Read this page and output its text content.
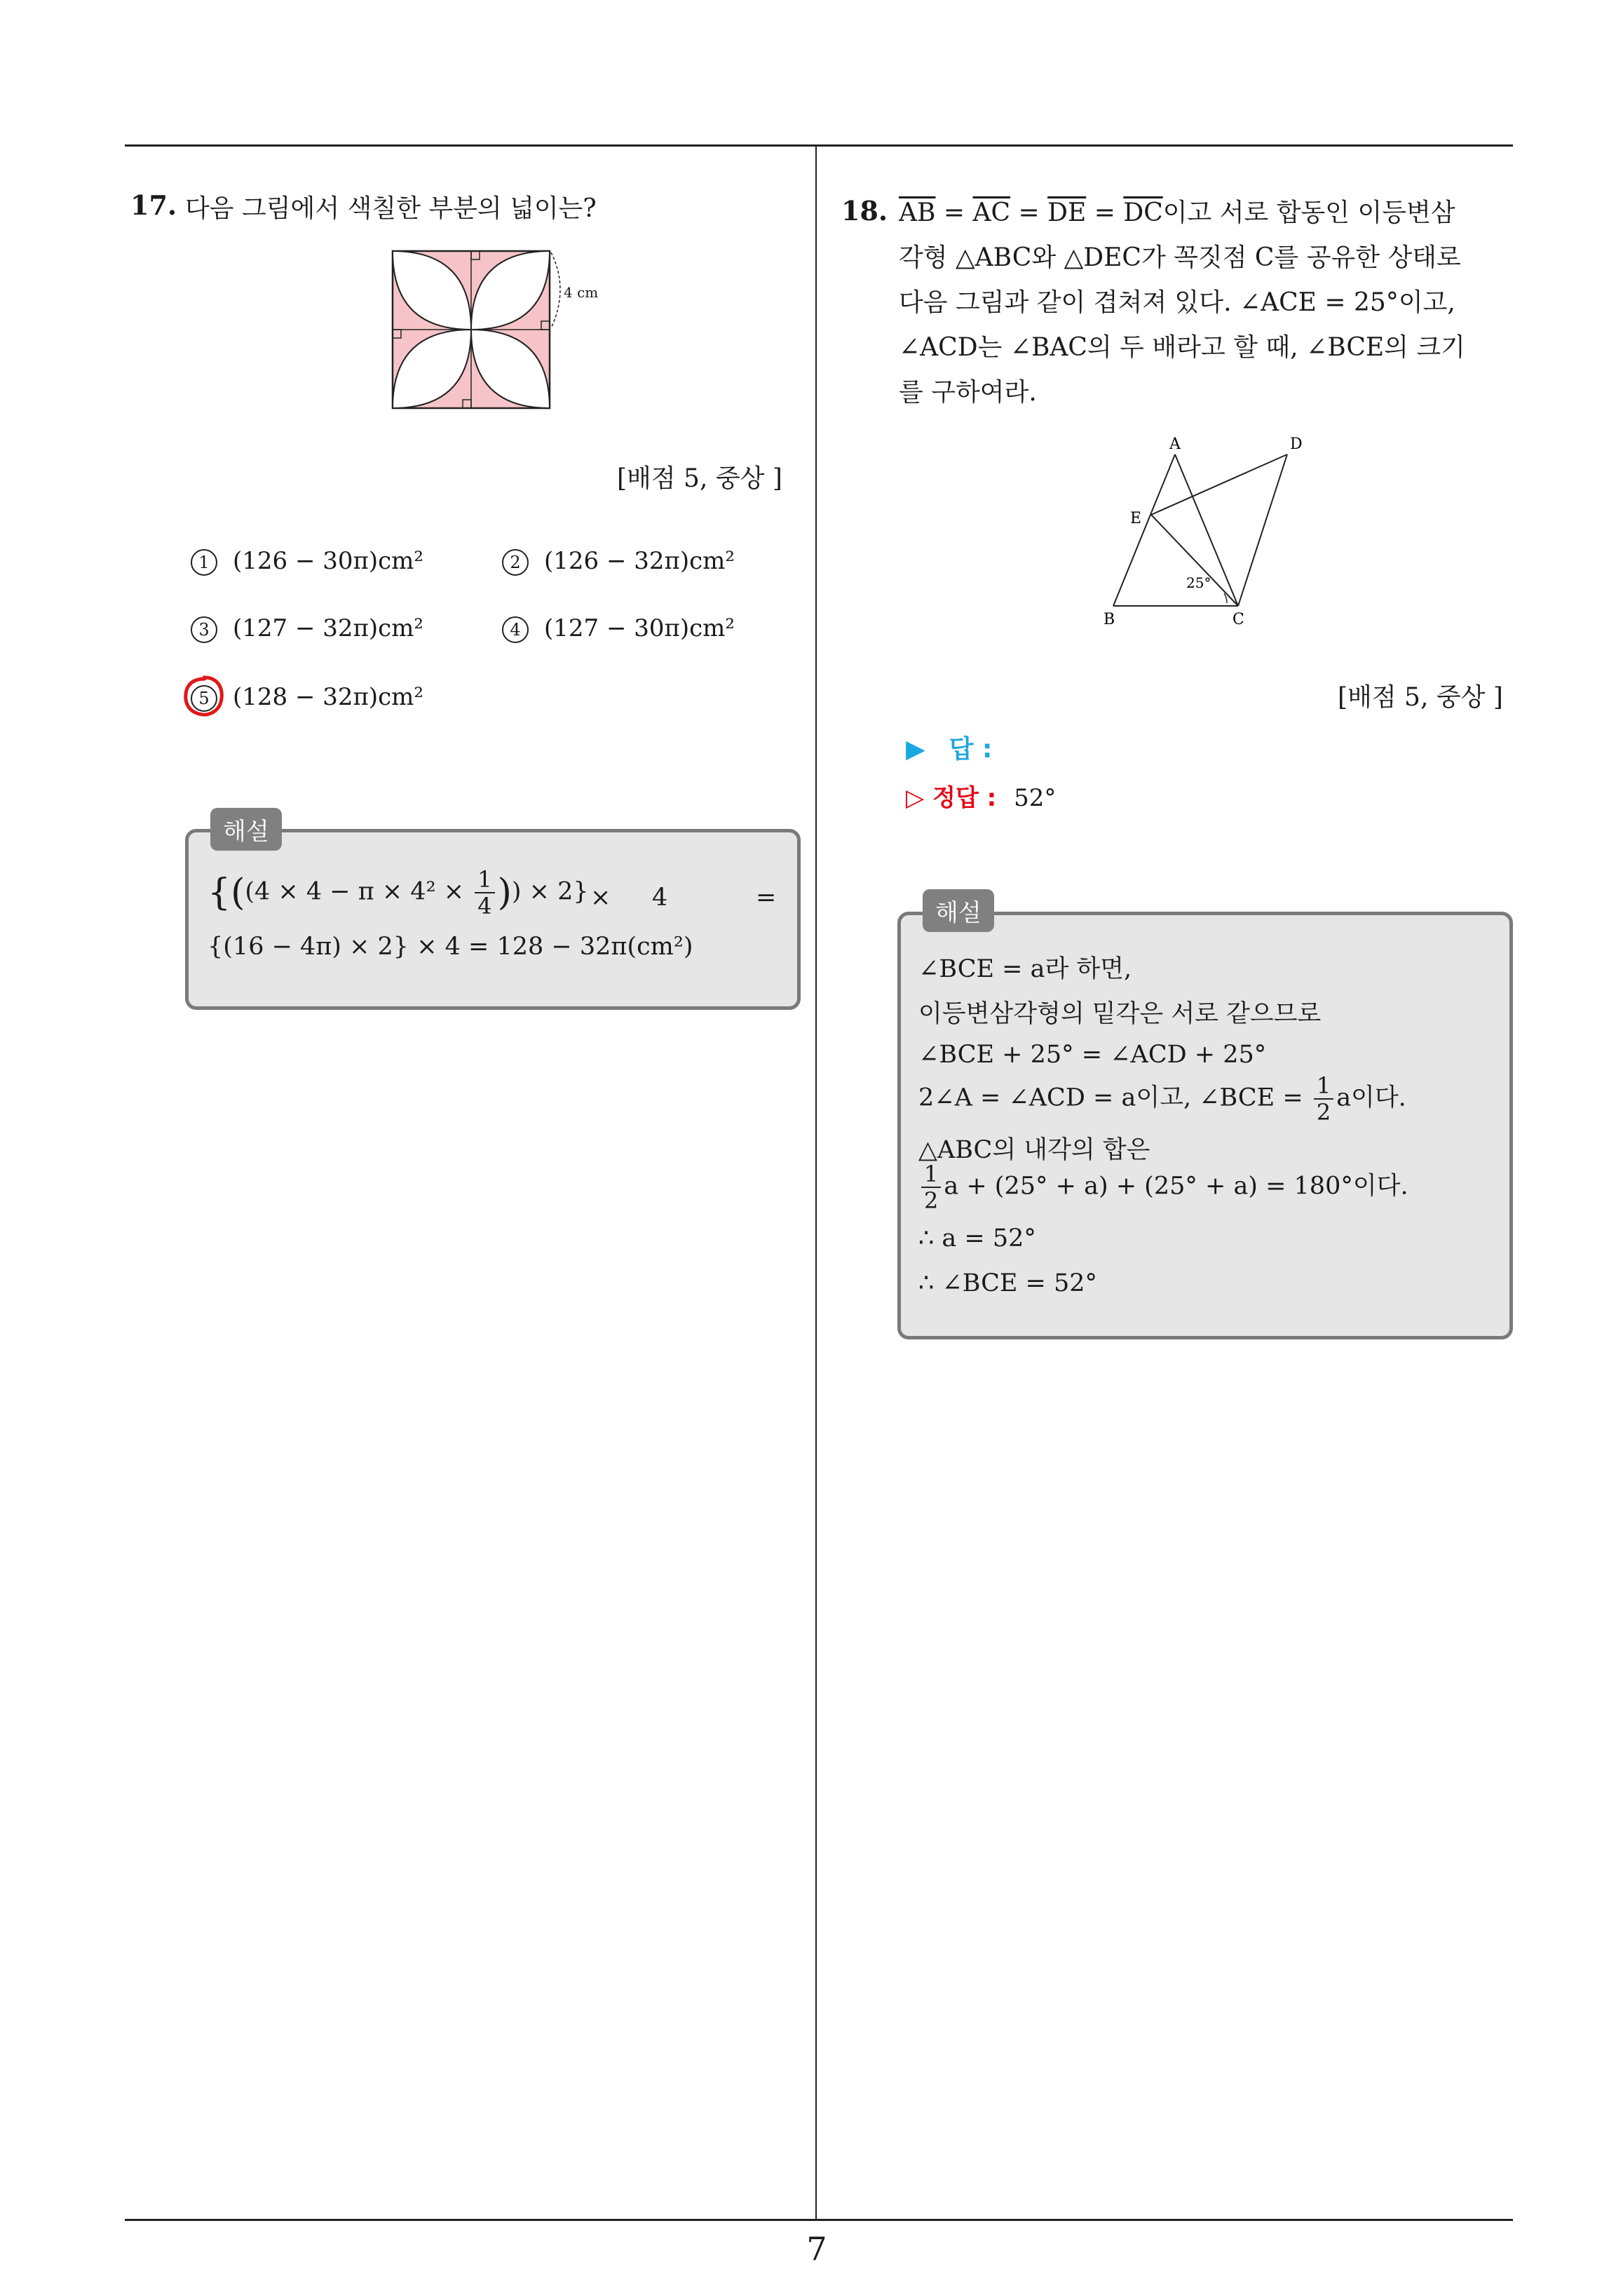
7
17. 다음 그림에서 색칠한 부분의 넓이는?
4 cm
[배점 5, 중상 ]
1 (126 − 30π)cm²	2 (126 − 32π)cm²
3 (127 − 32π)cm²	4 (127 − 30π)cm²
5 (128 − 32π)cm²
해설
{(($4 \times 4 - \pi \times 4^2 \times \frac{1}{4}$ )) × 2} × 4	=
{(16 − 4π) × 2} × 4 = 128 − 32π(cm²)
18. $\overline{AB} = \overline{AC} = \overline{DE} = \overline{DC}$이고 서로 합동인 이등변삼
각형 △ABC와 △DEC가 꼭짓점 C를 공유한 상태로
다음 그림과 같이 겹쳐져 있다. ∠ACE = 25°이고,
∠ACD는 ∠BAC의 두 배라고 할 때, ∠BCE의 크기
를 구하여라.
A	D
E
B	C
25°
[배점 5, 중상 ]
▶ 답 :
▷ 정답 : 52°
해설
∠BCE = a라 하면,
이등변삼각형의 밑각은 서로 같으므로
∠BCE + 25° = ∠ACD + 25°
2∠A = ∠ACD = a이고, ∠BCE = $\frac{1}{2}$ a이다.
△ABC의 내각의 합은
$\frac{1}{2}$ a + (25° + a) + (25° + a) = 180°이다.
∴ a = 52°
∴ ∠BCE = 52°
